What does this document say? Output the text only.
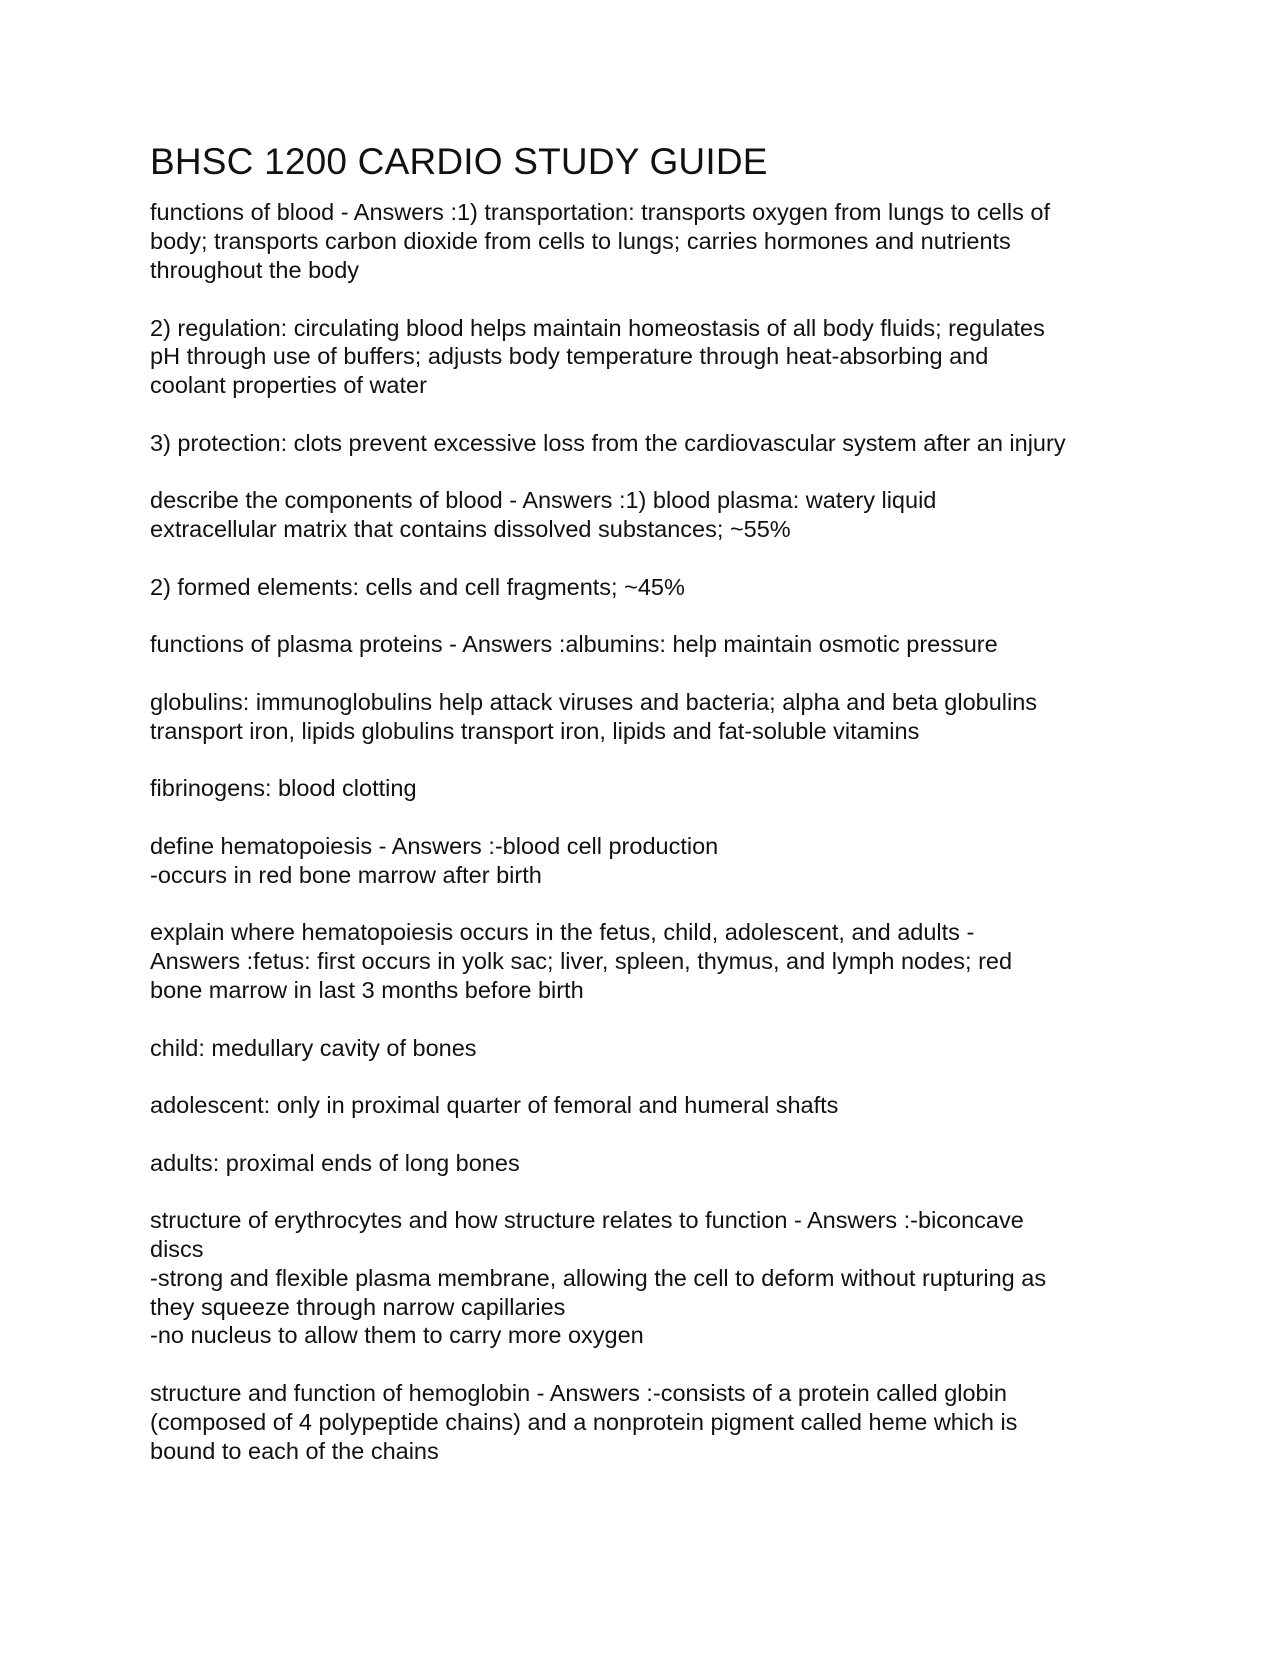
BHSC 1200 CARDIO STUDY GUIDE
functions of blood - Answers :1) transportation: transports oxygen from lungs to cells of
body; transports carbon dioxide from cells to lungs; carries hormones and nutrients
throughout the body
2) regulation: circulating blood helps maintain homeostasis of all body fluids; regulates
pH through use of buffers; adjusts body temperature through heat-absorbing and
coolant properties of water
3) protection: clots prevent excessive loss from the cardiovascular system after an injury
describe the components of blood - Answers :1) blood plasma: watery liquid
extracellular matrix that contains dissolved substances; ~55%
2) formed elements: cells and cell fragments; ~45%
functions of plasma proteins - Answers :albumins: help maintain osmotic pressure
globulins: immunoglobulins help attack viruses and bacteria; alpha and beta globulins
transport iron, lipids globulins transport iron, lipids and fat-soluble vitamins
fibrinogens: blood clotting
define hematopoiesis - Answers :-blood cell production
-occurs in red bone marrow after birth
explain where hematopoiesis occurs in the fetus, child, adolescent, and adults -
Answers :fetus: first occurs in yolk sac; liver, spleen, thymus, and lymph nodes; red
bone marrow in last 3 months before birth
child: medullary cavity of bones
adolescent: only in proximal quarter of femoral and humeral shafts
adults: proximal ends of long bones
structure of erythrocytes and how structure relates to function - Answers :-biconcave
discs
-strong and flexible plasma membrane, allowing the cell to deform without rupturing as
they squeeze through narrow capillaries
-no nucleus to allow them to carry more oxygen
structure and function of hemoglobin - Answers :-consists of a protein called globin
(composed of 4 polypeptide chains) and a nonprotein pigment called heme which is
bound to each of the chains
